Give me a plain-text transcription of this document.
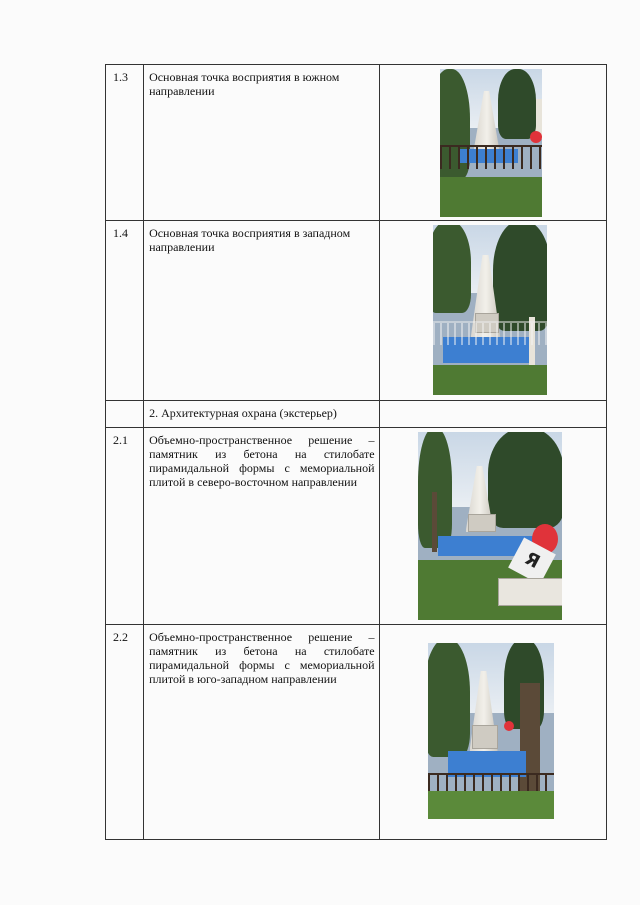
1.3	Основная точка восприятия в южном направлении	

1.4	Основная точка восприятия в западном направлении	

	2. Архитектурная охрана (экстерьер)	

2.1	Объемно-пространственное решение – памятник из бетона на стилобате пирамидальной формы с мемориальной плитой в северо-восточном направлении	Я

2.2	Объемно-пространственное решение – памятник из бетона на стилобате пирамидальной формы с мемориальной плитой в юго-западном направлении	
